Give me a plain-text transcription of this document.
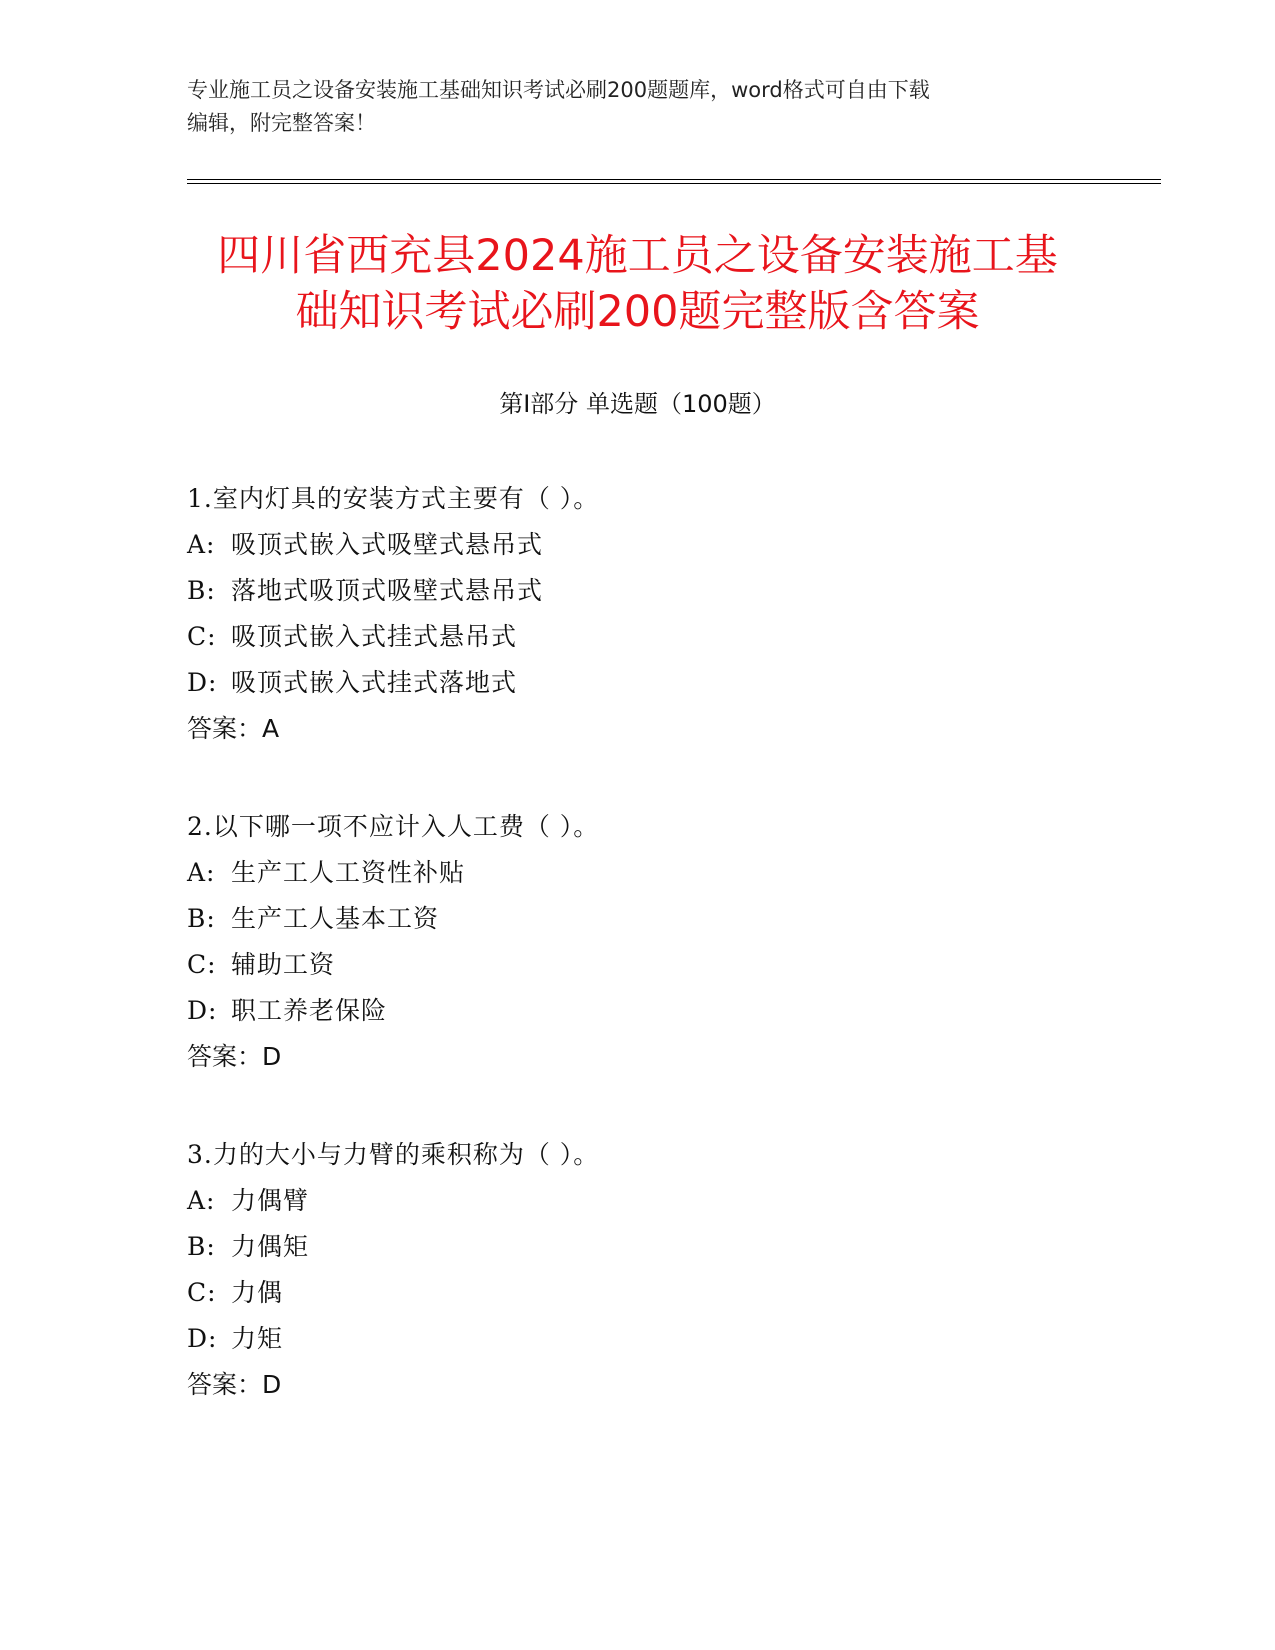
专业施工员之设备安装施工基础知识考试必刷200题题库，word格式可自由下载
编辑，附完整答案！
四川省西充县2024施工员之设备安装施工基
础知识考试必刷200题完整版含答案
第Ⅰ部分 单选题（100题）
1.室内灯具的安装方式主要有（ ）。
A: 吸顶式嵌入式吸壁式悬吊式
B: 落地式吸顶式吸壁式悬吊式
C: 吸顶式嵌入式挂式悬吊式
D: 吸顶式嵌入式挂式落地式
答案：A
2.以下哪一项不应计入人工费（ ）。
A: 生产工人工资性补贴
B: 生产工人基本工资
C: 辅助工资
D: 职工养老保险
答案：D
3.力的大小与力臂的乘积称为（ ）。
A: 力偶臂
B: 力偶矩
C: 力偶
D: 力矩
答案：D
